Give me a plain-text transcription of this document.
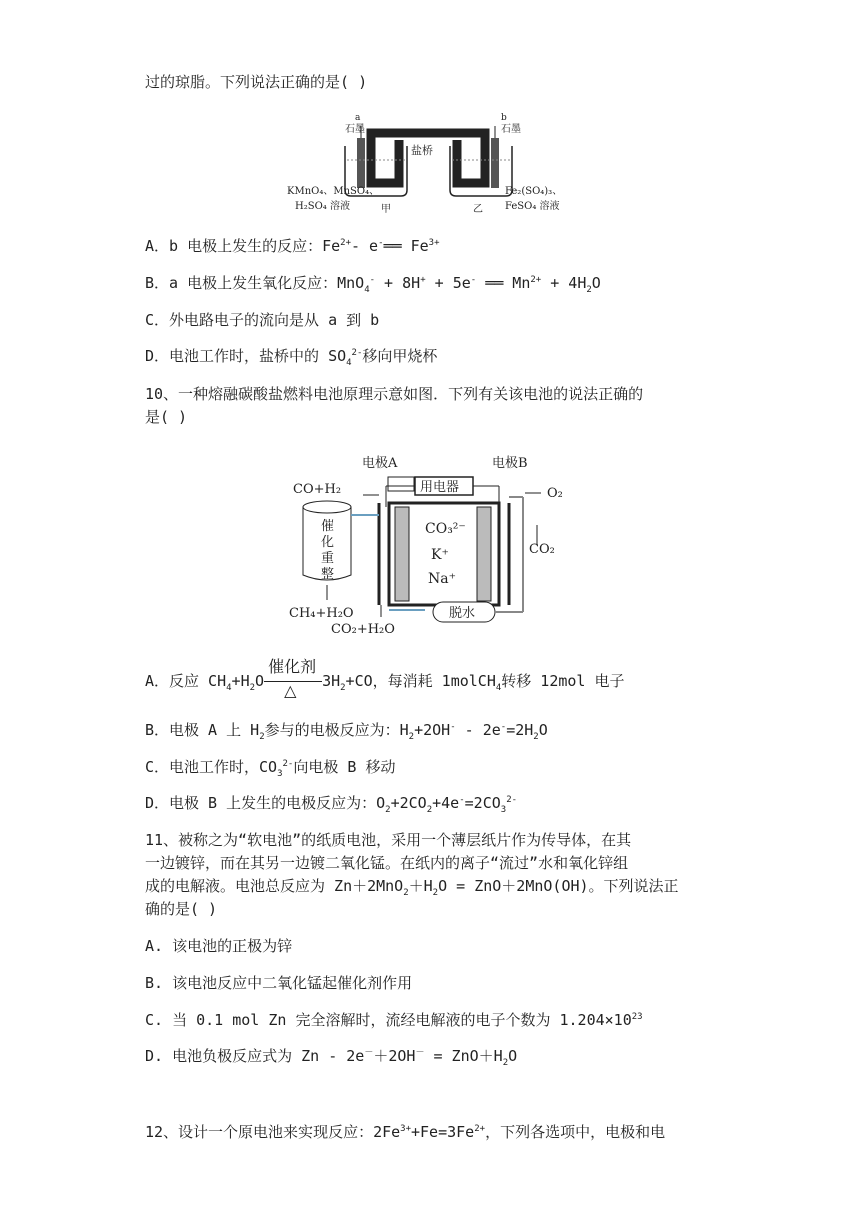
过的琼脂。下列说法正确的是( )
a
石墨
b
石墨
盐桥
KMnO₄、MnSO₄、
H₂SO₄ 溶液
Fe₂(SO₄)₃、
FeSO₄ 溶液
甲	乙
A．b 电极上发生的反应：$Fe^{2+}-$ e-══ $Fe^{3+}$
B．a 电极上发生氧化反应：MnO$_4$- + 8H+ + 5e- ══ $Mn^{2+} + 4H_2O$
C．外电路电子的流向是从 a 到 b
D．电池工作时，盐桥中的 $SO_4^{2-}$移向甲烧杯
10、一种熔融碳酸盐燃料电池原理示意如图．下列有关该电池的说法正确的
是( )
电极A	电极B
用电器
CO+H₂
催
化
重
整
CH₄+H₂O
CO₃²⁻
K⁺
Na⁺
脱水
CO₂+H₂O
O₂
CO₂
A．反应 $CH_4+H_2O$
催化剂
△
$3H_2+CO$，每消耗 1molCH$_4$转移 12mol 电子
B．电极 A 上 $H_2$参与的电极反应为：$H_2+2OH^- - 2e^-=2H_2O$
C．电池工作时，$CO_3^{2-}$向电极 B 移动
D．电极 B 上发生的电极反应为：$O_2+2CO_2+4e^-=2CO_3^{2-}$
11、被称之为“软电池”的纸质电池，采用一个薄层纸片作为传导体，在其
一边镀锌，而在其另一边镀二氧化锰。在纸内的离子“流过”水和氧化锌组
成的电解液。电池总反应为 $Zn+2MnO_2+H_2O = ZnO+2MnO(OH)$。下列说法正
确的是( )
A. 该电池的正极为锌
B. 该电池反应中二氧化锰起催化剂作用
C. 当 0.1 mol Zn 完全溶解时，流经电解液的电子个数为 $1.204\times 10^{23}$
D. 电池负极反应式为 $Zn - 2e^-+2OH^- = ZnO+H_2O$
12、设计一个原电池来实现反应：$2Fe^{3+}+Fe=3Fe^{2+}$，下列各选项中，电极和电
